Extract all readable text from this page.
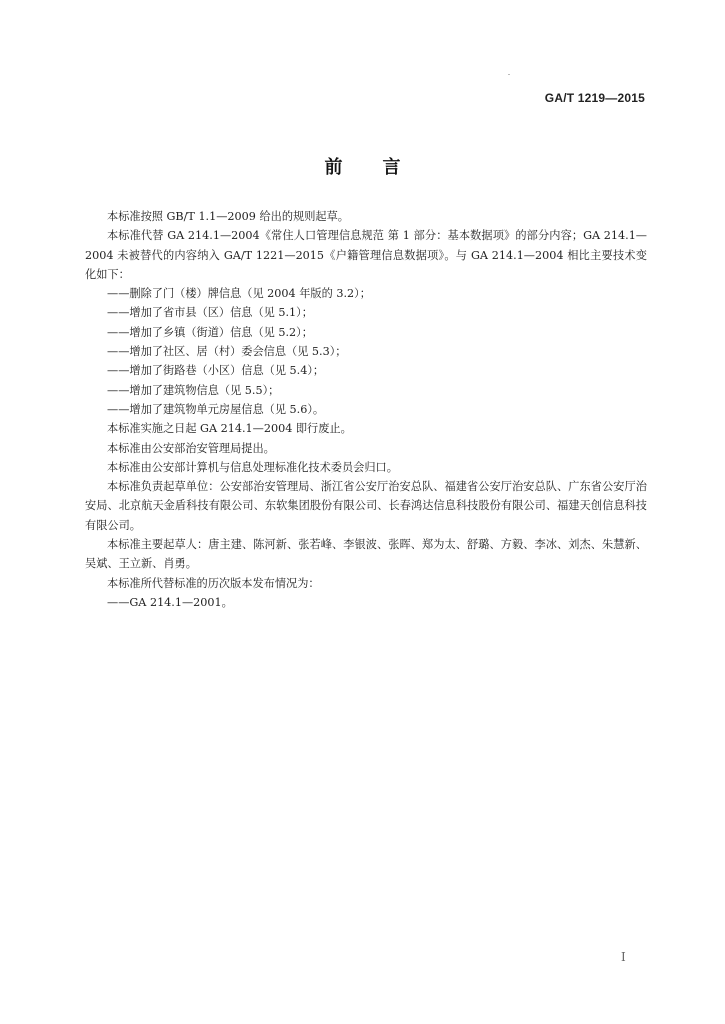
GA/T 1219—2015
前 言

本标准按照 GB/T 1.1—2009 给出的规则起草。

本标准代替 GA 214.1—2004《常住人口管理信息规范 第 1 部分：基本数据项》的部分内容；GA 214.1—2004 未被替代的内容纳入 GA/T 1221—2015《户籍管理信息数据项》。与 GA 214.1—2004 相比主要技术变化如下：

——删除了门（楼）牌信息（见 2004 年版的 3.2）；

——增加了省市县（区）信息（见 5.1）；

——增加了乡镇（街道）信息（见 5.2）；

——增加了社区、居（村）委会信息（见 5.3）；

——增加了街路巷（小区）信息（见 5.4）；

——增加了建筑物信息（见 5.5）；

——增加了建筑物单元房屋信息（见 5.6）。

本标准实施之日起 GA 214.1—2004 即行废止。

本标准由公安部治安管理局提出。

本标准由公安部计算机与信息处理标准化技术委员会归口。

本标准负责起草单位：公安部治安管理局、浙江省公安厅治安总队、福建省公安厅治安总队、广东省公安厅治安局、北京航天金盾科技有限公司、东软集团股份有限公司、长春鸿达信息科技股份有限公司、福建天创信息科技有限公司。

本标准主要起草人：唐主建、陈河新、张若峰、李银波、张晖、郑为太、舒璐、方毅、李冰、刘杰、朱慧新、吴斌、王立新、肖勇。

本标准所代替标准的历次版本发布情况为：

——GA 214.1—2001。

I
